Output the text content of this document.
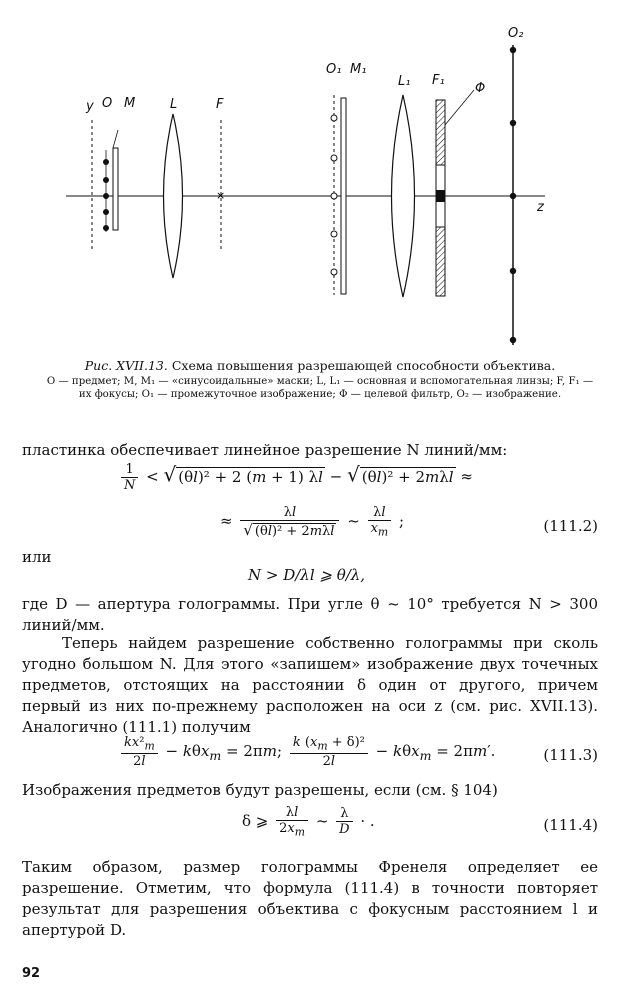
×
y O M	L	F
O₁ M₁
L₁ F₁
Φ
O₂
z
Рис. XVII.13. Схема повышения разрешающей способности объектива.
O — предмет; M, M₁ — «синусоидальные» маски; L, L₁ — основная и вспомогательная линзы; F, F₁ — их фокусы; O₁ — промежуточное изображение; Φ — целевой фильтр, O₂ — изображение.
пластинка обеспечивает линейное разрешение N линий/мм:
$\frac{1}{N}$ < √ (θl)² + 2 (m + 1) λl − √ (θl)² + 2mλl ≈
≈ $\frac{\lambda l}{\text{√ (θl)² + 2mλl}}$ ~ $\frac{\lambda l}{x_m}$ ;	(111.2)
или
N > D/λl ⩾ θ/λ,
где D — апертура голограммы. При угле θ ~ 10° требуется N > 300 линий/мм.
Теперь найдем разрешение собственно голограммы при сколь угодно большом N. Для этого «запишем» изображение двух точечных предметов, отстоящих на расстоянии δ один от другого, причем первый из них по-прежнему расположен на оси z (см. рис. XVII.13). Аналогично (111.1) получим
$\frac{kx^2_m}{2l} - k\theta x_m = 2\pi m$; $\frac{k (x_m + \delta)^2}{2l} - k\theta x_m = 2\pi m'$.	(111.3)
Изображения предметов будут разрешены, если (см. § 104)
δ ⩾ $\frac{\lambda l}{2x_m}$ ~ $\frac{\lambda}{D}$ · .	(111.4)
Таким образом, размер голограммы Френеля определяет ее разрешение. Отметим, что формула (111.4) в точности повторяет результат для разрешения объектива с фокусным расстоянием l и апертурой D.
92
